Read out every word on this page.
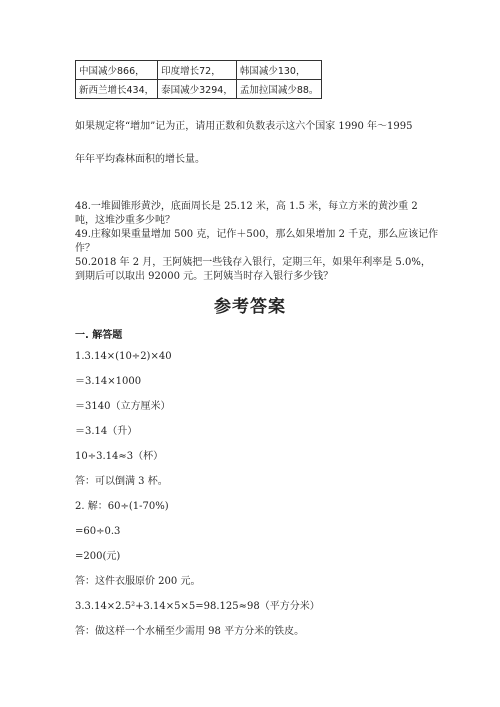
中国减少866，	印度增长72，	韩国减少130，
新西兰增长434，	泰国减少3294，	孟加拉国减少88。
如果规定将“增加”记为正，请用正数和负数表示这六个国家 1990 年～1995
年年平均森林面积的增长量。
48.一堆圆锥形黄沙，底面周长是 25.12 米，高 1.5 米，每立方米的黄沙重 2
吨，这堆沙重多少吨？
49.庄稼如果重量增加 500 克，记作＋500，那么如果增加 2 千克，那么应该记作
作？
50.2018 年 2 月，王阿姨把一些钱存入银行，定期三年，如果年利率是 5.0%，
到期后可以取出 92000 元。王阿姨当时存入银行多少钱？
参考答案
一. 解答题
1.3.14×(10÷2)×40
＝3.14×1000
＝3140（立方厘米）
＝3.14（升）
10÷3.14≈3（杯）
答：可以倒满 3 杯。
2. 解：60÷(1-70%)
=60÷0.3
=200(元)
答：这件衣服原价 200 元。
3.3.14×2.5²+3.14×5×5=98.125≈98（平方分米）
答：做这样一个水桶至少需用 98 平方分米的铁皮。
